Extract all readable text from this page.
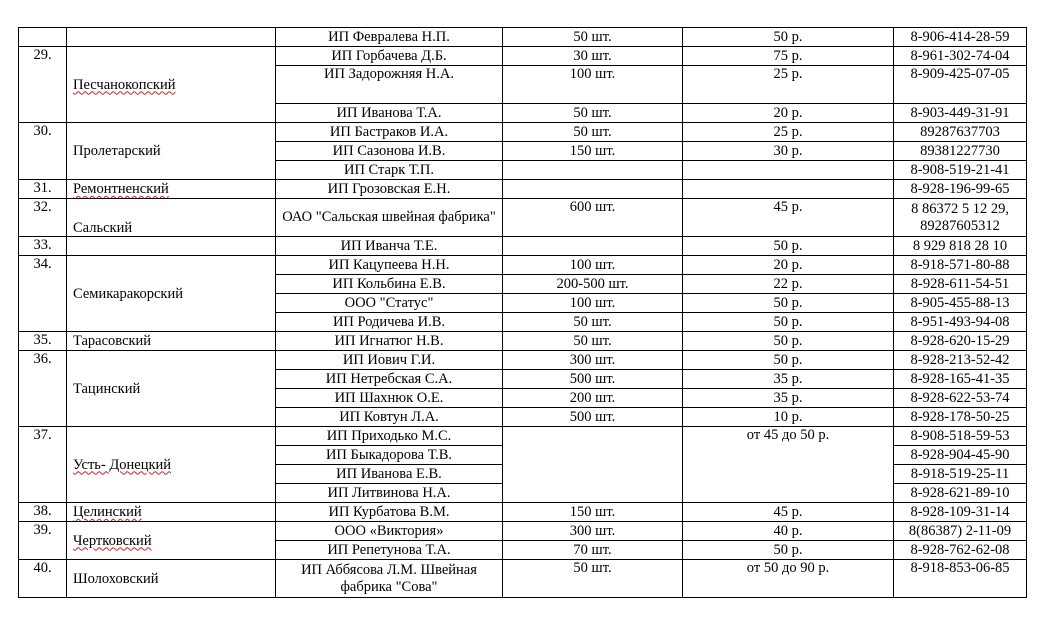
		ИП Февралева Н.П.	50 шт.	50 р.	8-906-414-28-59
29.	Песчанокопский	ИП Горбачева Д.Б.	30 шт.	75 р.	8-961-302-74-04
		ИП Задорожняя Н.А.	100 шт.	25 р.	8-909-425-07-05
		ИП Иванова Т.А.	50 шт.	20 р.	8-903-449-31-91
30.	Пролетарский	ИП Бастраков И.А.	50 шт.	25 р.	89287637703
		ИП Сазонова И.В.	150 шт.	30 р.	89381227730
		ИП Старк Т.П.			8-908-519-21-41
31.	Ремонтненский	ИП Грозовская Е.Н.			8-928-196-99-65
32.	Сальский	ОАО "Сальская швейная фабрика"	600 шт.	45 р.	8 86372 5 12 29, 89287605312
33.		ИП Иванча Т.Е.		50 р.	8 929 818 28 10
34.	Семикаракорский	ИП Кацупеева Н.Н.	100 шт.	20 р.	8-918-571-80-88
		ИП Кольбина Е.В.	200-500 шт.	22 р.	8-928-611-54-51
		ООО "Статус"	100 шт.	50 р.	8-905-455-88-13
		ИП Родичева И.В.	50 шт.	50 р.	8-951-493-94-08
35.	Тарасовский	ИП Игнатюг Н.В.	50 шт.	50 р.	8-928-620-15-29
36.	Тацинский	ИП Иович Г.И.	300 шт.	50 р.	8-928-213-52-42
		ИП Нетребская С.А.	500 шт.	35 р.	8-928-165-41-35
		ИП Шахнюк О.Е.	200 шт.	35 р.	8-928-622-53-74
		ИП Ковтун Л.А.	500 шт.	10 р.	8-928-178-50-25
37.	Усть- Донецкий	ИП Приходько М.С.		от 45 до 50 р.	8-908-518-59-53
		ИП Быкадорова Т.В.			8-928-904-45-90
		ИП Иванова Е.В.			8-918-519-25-11
		ИП Литвинова Н.А.			8-928-621-89-10
38.	Целинский	ИП Курбатова В.М.	150 шт.	45 р.	8-928-109-31-14
39.	Чертковский	ООО «Виктория»	300 шт.	40 р.	8(86387) 2-11-09
		ИП Репетунова Т.А.	70 шт.	50 р.	8-928-762-62-08
40.	Шолоховский	ИП Аббясова Л.М. Швейная фабрика "Сова"	50 шт.	от 50 до 90 р.	8-918-853-06-85
